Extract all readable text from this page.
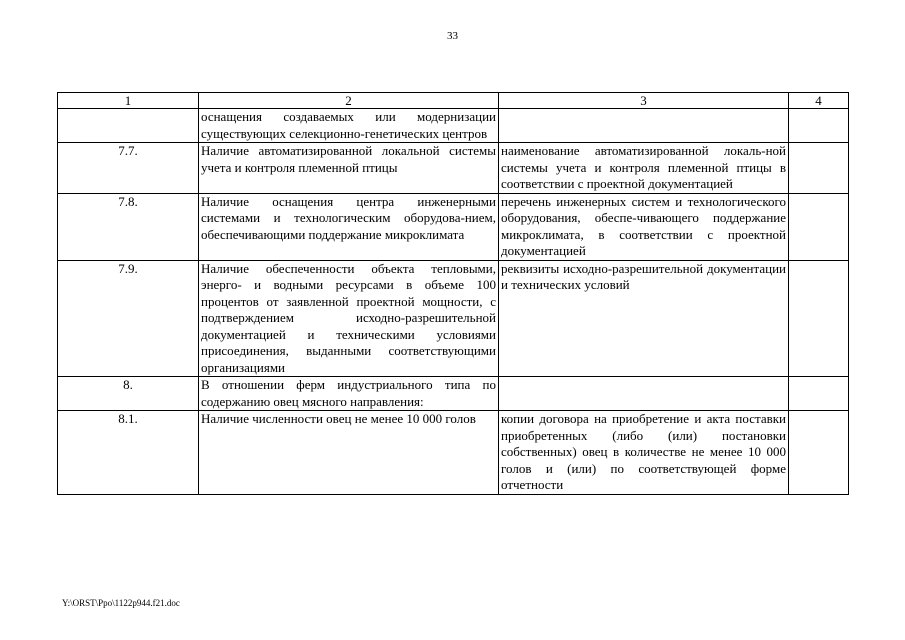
33
1	2	3	4
	оснащения создаваемых или модернизации существующих селекционно-генетических центров		
7.7.	Наличие автоматизированной локальной системы учета и контроля племенной птицы	наименование автоматизированной локаль-ной системы учета и контроля племенной птицы в соответствии с проектной документацией	
7.8.	Наличие оснащения центра инженерными системами и технологическим оборудова-нием, обеспечивающими поддержание микроклимата	перечень инженерных систем и технологического оборудования, обеспе-чивающего поддержание микроклимата, в соответствии с проектной документацией	
7.9.	Наличие обеспеченности объекта тепловыми, энерго- и водными ресурсами в объеме 100 процентов от заявленной проектной мощности, с подтверждением исходно-разрешительной документацией и техническими условиями присоединения, выданными соответствующими организациями	реквизиты исходно-разрешительной документации и технических условий	
8.	В отношении ферм индустриального типа по содержанию овец мясного направления:		
8.1.	Наличие численности овец не менее 10 000 голов	копии договора на приобретение и акта поставки приобретенных (либо (или) постановки собственных) овец в количестве не менее 10 000 голов и (или) по соответствующей форме отчетности	
Y:\ORST\Ppo\1122p944.f21.doc
